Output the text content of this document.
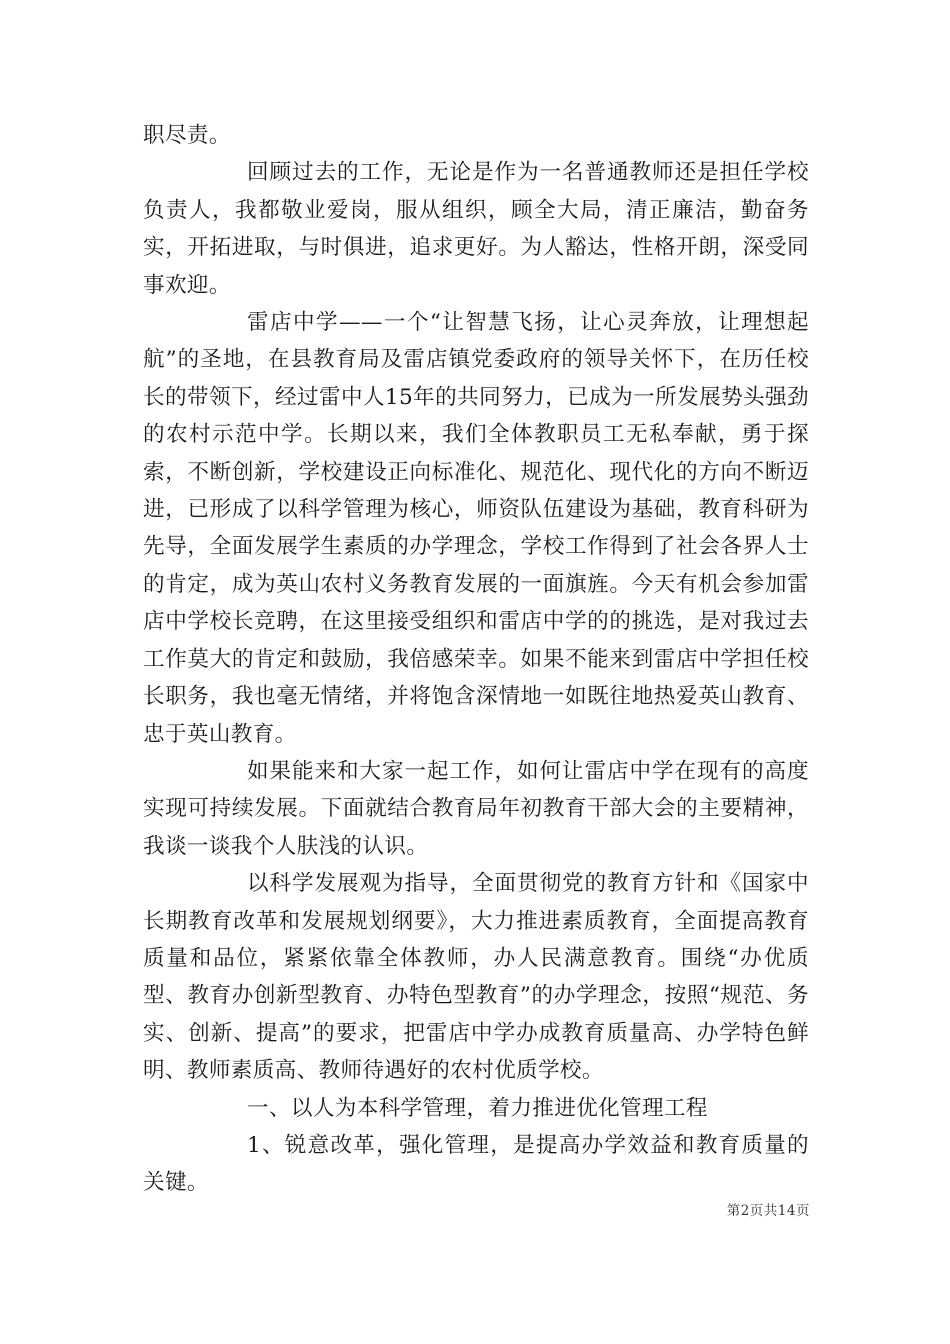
职尽责。

回顾过去的工作，无论是作为一名普通教师还是担任学校负责人，我都敬业爱岗，服从组织，顾全大局，清正廉洁，勤奋务实，开拓进取，与时俱进，追求更好。为人豁达，性格开朗，深受同事欢迎。

雷店中学——一个“让智慧飞扬，让心灵奔放，让理想起航”的圣地，在县教育局及雷店镇党委政府的领导关怀下，在历任校长的带领下，经过雷中人15年的共同努力，已成为一所发展势头强劲的农村示范中学。长期以来，我们全体教职员工无私奉献，勇于探索，不断创新，学校建设正向标准化、规范化、现代化的方向不断迈进，已形成了以科学管理为核心，师资队伍建设为基础，教育科研为先导，全面发展学生素质的办学理念，学校工作得到了社会各界人士的肯定，成为英山农村义务教育发展的一面旗旌。今天有机会参加雷店中学校长竞聘，在这里接受组织和雷店中学的的挑选，是对我过去工作莫大的肯定和鼓励，我倍感荣幸。如果不能来到雷店中学担任校长职务，我也毫无情绪，并将饱含深情地一如既往地热爱英山教育、忠于英山教育。

如果能来和大家一起工作，如何让雷店中学在现有的高度实现可持续发展。下面就结合教育局年初教育干部大会的主要精神，我谈一谈我个人肤浅的认识。

以科学发展观为指导，全面贯彻党的教育方针和《国家中长期教育改革和发展规划纲要》，大力推进素质教育，全面提高教育质量和品位，紧紧依靠全体教师，办人民满意教育。围绕“办优质型、教育办创新型教育、办特色型教育”的办学理念，按照“规范、务实、创新、提高”的要求，把雷店中学办成教育质量高、办学特色鲜明、教师素质高、教师待遇好的农村优质学校。

一、以人为本科学管理，着力推进优化管理工程

1、锐意改革，强化管理，是提高办学效益和教育质量的关键。

第2页共14页
